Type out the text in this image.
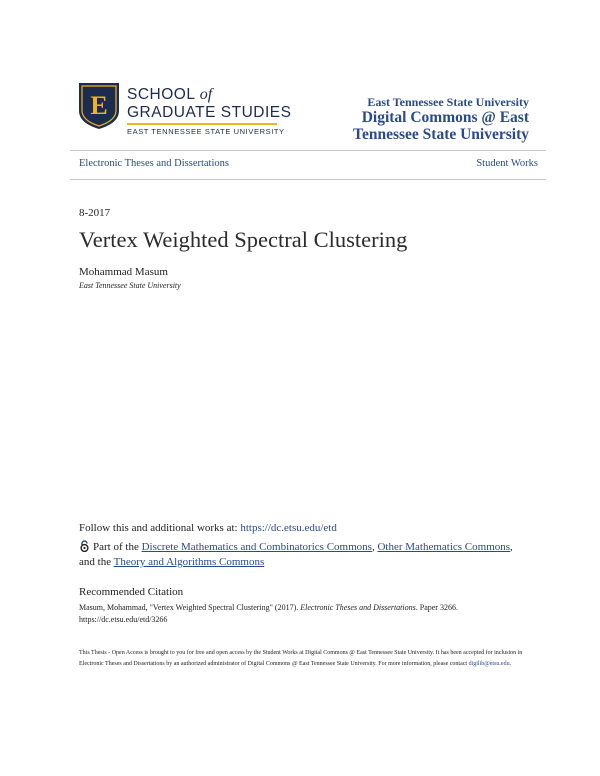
E SCHOOL of
GRADUATE STUDIES
EAST TENNESSEE STATE UNIVERSITY
East Tennessee State University
Digital Commons @ East
Tennessee State University
Electronic Theses and Dissertations	Student Works
8-2017
Vertex Weighted Spectral Clustering
Mohammad Masum
East Tennessee State University
Follow this and additional works at: https://dc.etsu.edu/etd
Part of the Discrete Mathematics and Combinatorics Commons, Other Mathematics Commons,
and the Theory and Algorithms Commons
Recommended Citation
Masum, Mohammad, "Vertex Weighted Spectral Clustering" (2017). Electronic Theses and Dissertations. Paper 3266.
https://dc.etsu.edu/etd/3266
This Thesis - Open Access is brought to you for free and open access by the Student Works at Digital Commons @ East Tennessee State University. It has been accepted for inclusion in Electronic Theses and Dissertations by an authorized administrator of Digital Commons @ East Tennessee State University. For more information, please contact digilib@etsu.edu.
